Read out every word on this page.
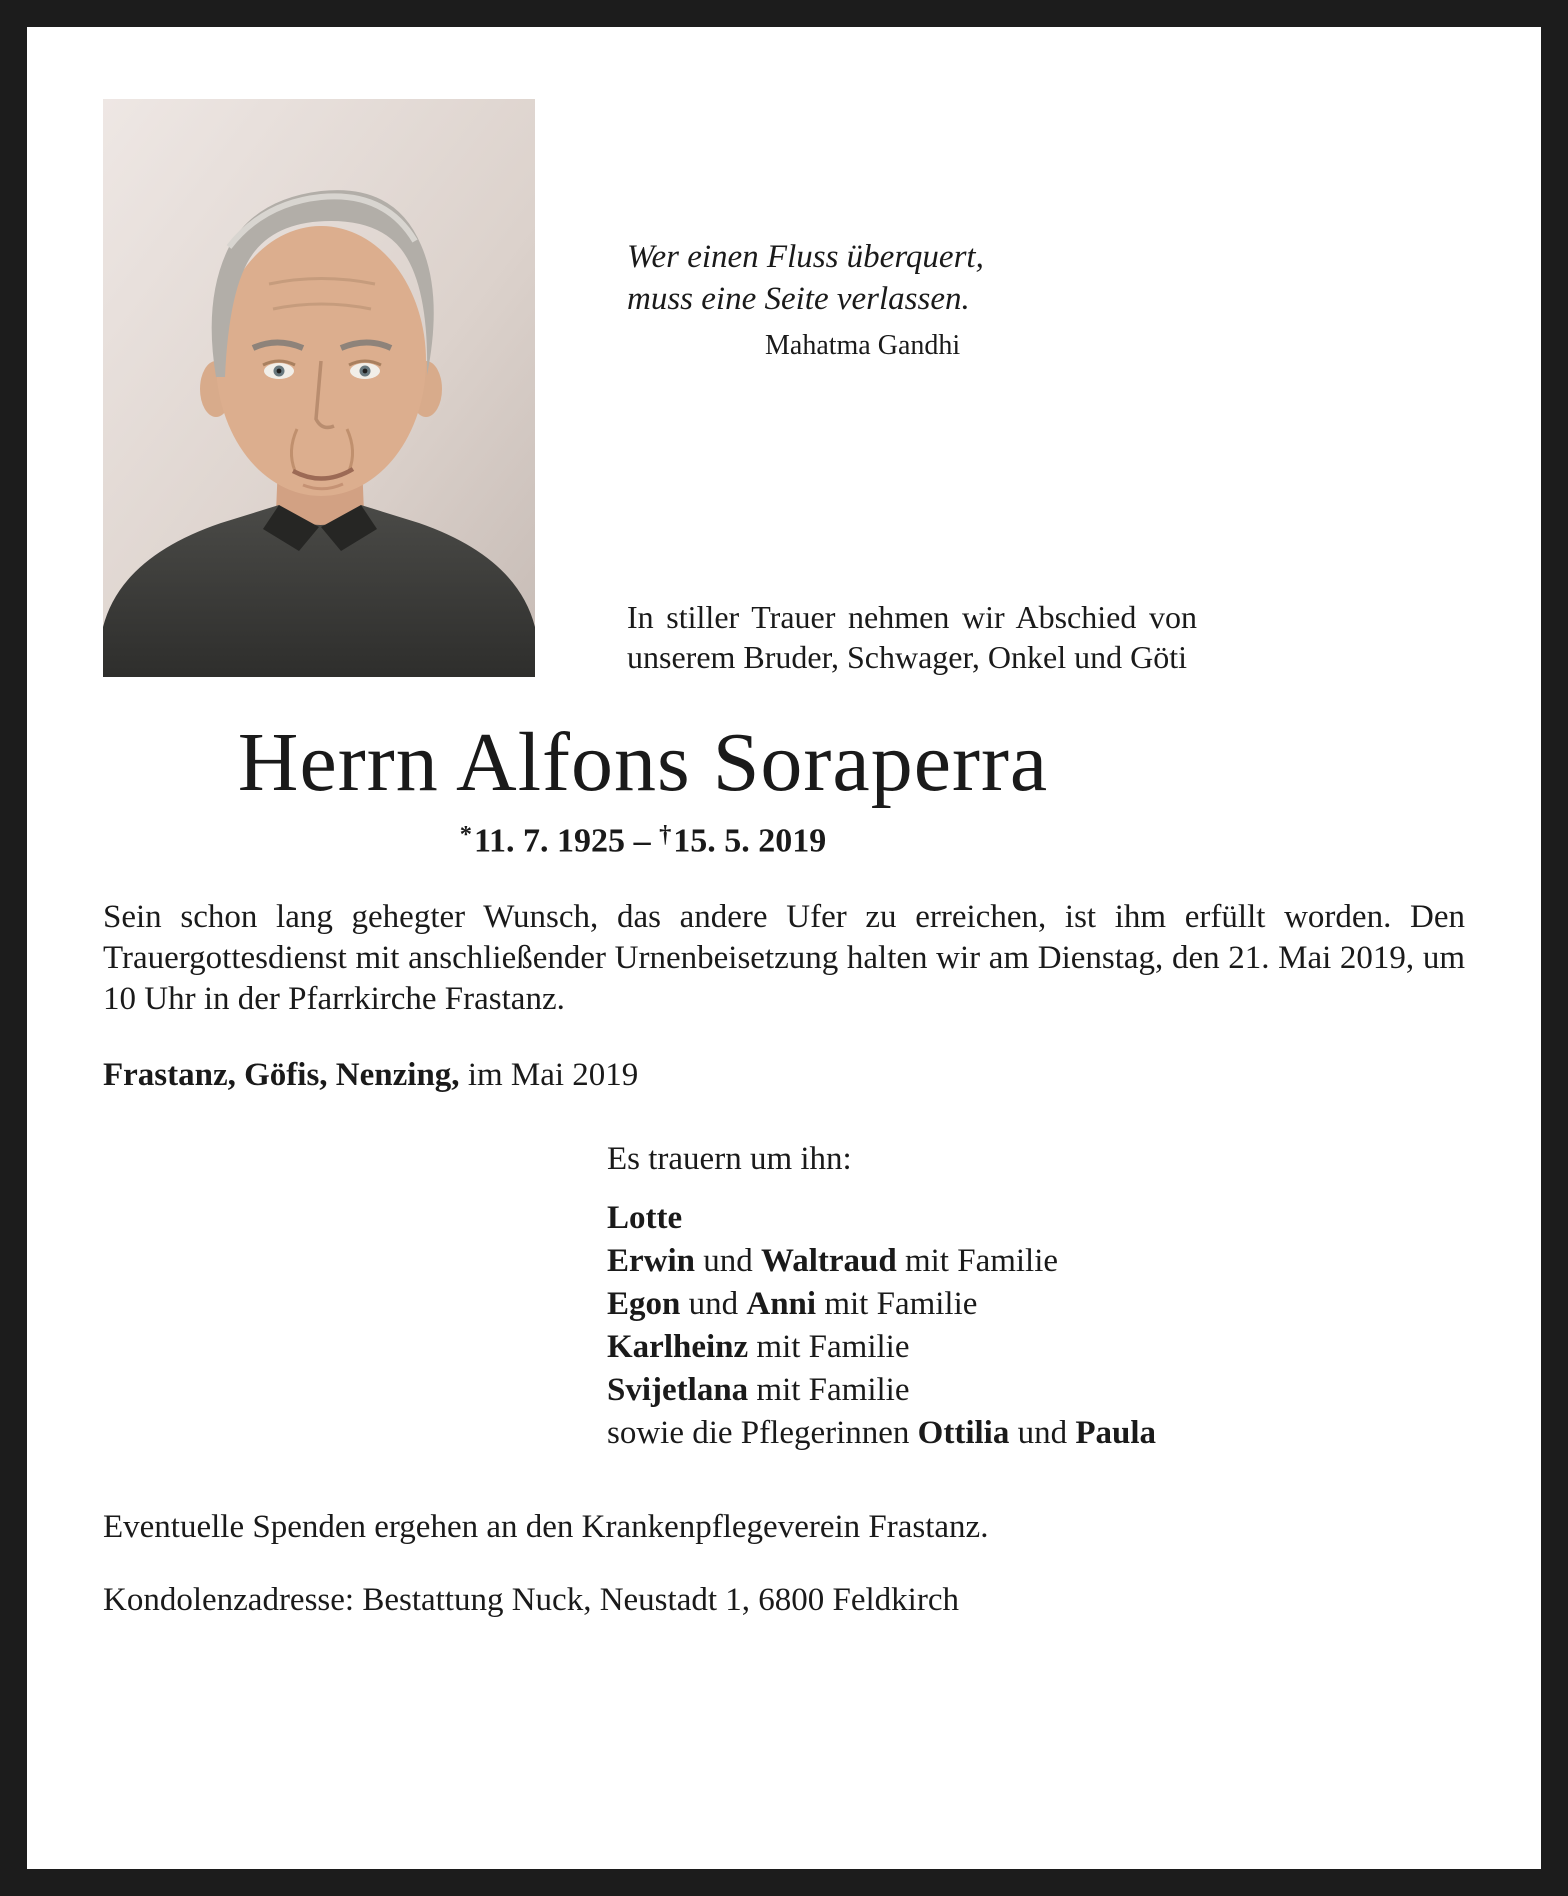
Wer einen Fluss überquert,
muss eine Seite verlassen.
Mahatma Gandhi

In stiller Trauer nehmen wir Abschied von unserem Bruder, Schwager, Onkel und Göti

Herrn Alfons Soraperra
*11. 7. 1925 – †15. 5. 2019

Sein schon lang gehegter Wunsch, das andere Ufer zu erreichen, ist ihm erfüllt worden. Den Trauergottesdienst mit anschließender Urnenbeisetzung halten wir am Dienstag, den 21. Mai 2019, um 10 Uhr in der Pfarrkirche Frastanz.

Frastanz, Göfis, Nenzing, im Mai 2019

Es trauern um ihn:
Lotte
Erwin und Waltraud mit Familie
Egon und Anni mit Familie
Karlheinz mit Familie
Svijetlana mit Familie
sowie die Pflegerinnen Ottilia und Paula

Eventuelle Spenden ergehen an den Krankenpflegeverein Frastanz.

Kondolenzadresse: Bestattung Nuck, Neustadt 1, 6800 Feldkirch
